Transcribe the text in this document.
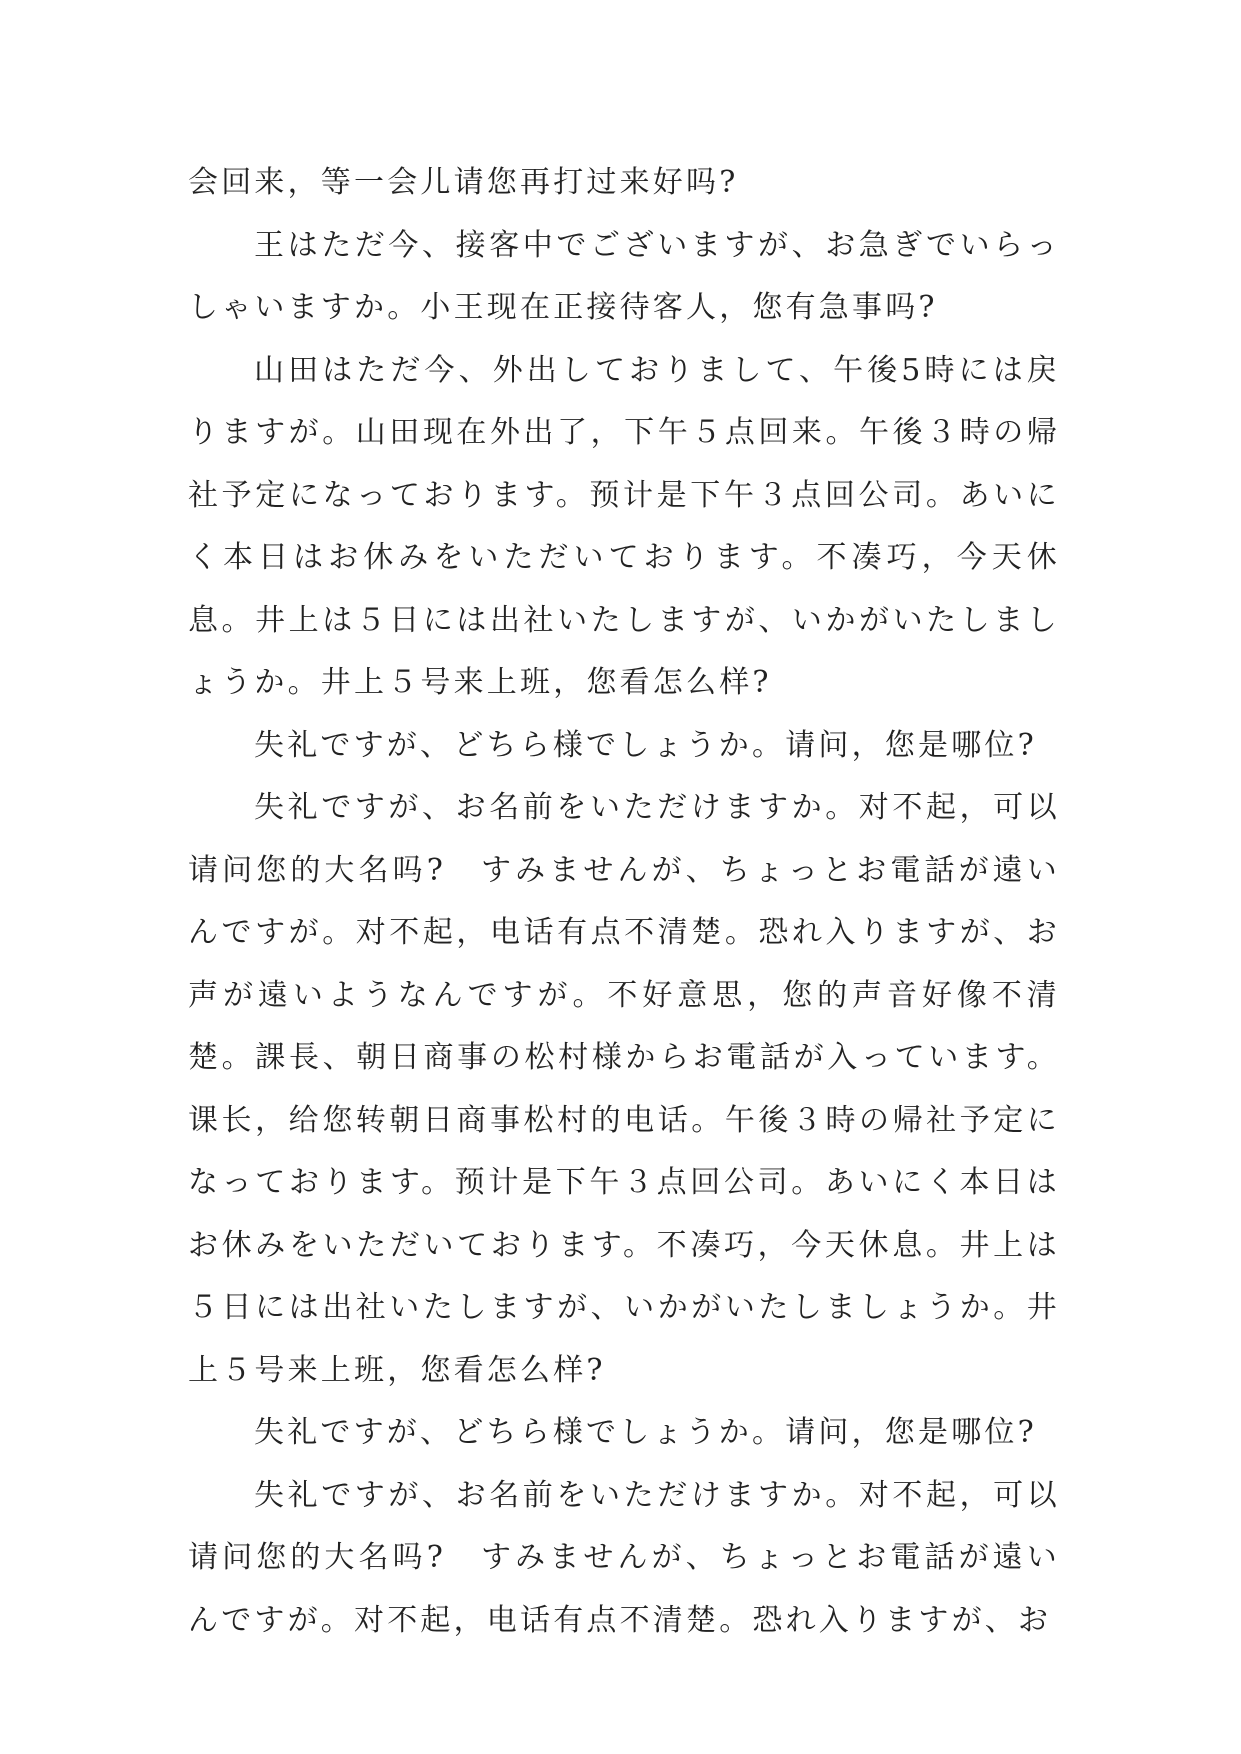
会回来，等一会儿请您再打过来好吗?

王はただ今、接客中でございますが、お急ぎでいらっしゃいますか。小王现在正接待客人，您有急事吗?

山田はただ今、外出しておりまして、午後5時には戻りますが。山田现在外出了，下午５点回来。午後３時の帰社予定になっております。预计是下午３点回公司。あいにく本日はお休みをいただいております。不凑巧，今天休息。井上は５日には出社いたしますが、いかがいたしましょうか。井上５号来上班，您看怎么样?

失礼ですが、どちら様でしょうか。请问，您是哪位?

失礼ですが、お名前をいただけますか。对不起，可以请问您的大名吗?　すみませんが、ちょっとお電話が遠いんですが。对不起，电话有点不清楚。恐れ入りますが、お声が遠いようなんですが。不好意思，您的声音好像不清楚。課長、朝日商事の松村様からお電話が入っています。课长，给您转朝日商事松村的电话。午後３時の帰社予定になっております。预计是下午３点回公司。あいにく本日はお休みをいただいております。不凑巧，今天休息。井上は５日には出社いたしますが、いかがいたしましょうか。井上５号来上班，您看怎么样?

失礼ですが、どちら様でしょうか。请问，您是哪位?

失礼ですが、お名前をいただけますか。对不起，可以请问您的大名吗?　すみませんが、ちょっとお電話が遠いんですが。对不起，电话有点不清楚。恐れ入りますが、お
